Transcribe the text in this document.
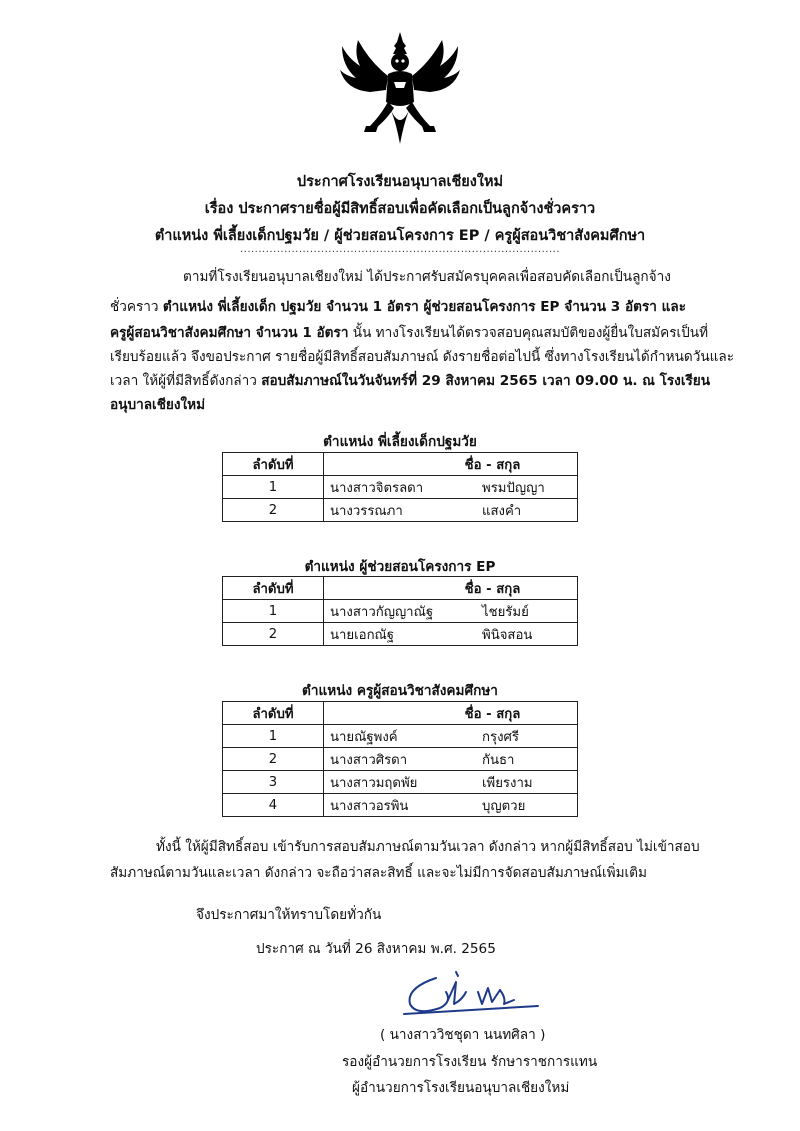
ประกาศโรงเรียนอนุบาลเชียงใหม่
เรื่อง ประกาศรายชื่อผู้มีสิทธิ์สอบเพื่อคัดเลือกเป็นลูกจ้างชั่วคราว
ตำแหน่ง พี่เลี้ยงเด็กปฐมวัย / ผู้ช่วยสอนโครงการ EP / ครูผู้สอนวิชาสังคมศึกษา
.......................................................................................
ตามที่โรงเรียนอนุบาลเชียงใหม่ ได้ประกาศรับสมัครบุคคลเพื่อสอบคัดเลือกเป็นลูกจ้าง
ชั่วคราว ตำแหน่ง พี่เลี้ยงเด็ก ปฐมวัย จำนวน 1 อัตรา ผู้ช่วยสอนโครงการ EP จำนวน 3 อัตรา และ
ครูผู้สอนวิชาสังคมศึกษา จำนวน 1 อัตรา นั้น ทางโรงเรียนได้ตรวจสอบคุณสมบัติของผู้ยื่นใบสมัครเป็นที่
เรียบร้อยแล้ว จึงขอประกาศ รายชื่อผู้มีสิทธิ์สอบสัมภาษณ์ ดังรายชื่อต่อไปนี้ ซึ่งทางโรงเรียนได้กำหนดวันและ
เวลา ให้ผู้ที่มีสิทธิ์ดังกล่าว สอบสัมภาษณ์ในวันจันทร์ที่ 29 สิงหาคม 2565 เวลา 09.00 น. ณ โรงเรียน
อนุบาลเชียงใหม่
ตำแหน่ง พี่เลี้ยงเด็กปฐมวัย
ลำดับที่	ชื่อ - สกุล	
1	นางสาวจิตรลดา	พรมปัญญา
2	นางวรรณภา	แสงคำ
ตำแหน่ง ผู้ช่วยสอนโครงการ EP
ลำดับที่	ชื่อ - สกุล	
1	นางสาวกัญญาณัฐ	ไชยรัมย์
2	นายเอกณัฐ	พินิจสอน
ตำแหน่ง ครูผู้สอนวิชาสังคมศึกษา
ลำดับที่	ชื่อ - สกุล	
1	นายณัฐพงค์	กรุงศรี
2	นางสาวศิรดา	กันธา
3	นางสาวมฤดพัย	เพียรงาม
4	นางสาวอรพิน	บุญตวย
ทั้งนี้ ให้ผู้มีสิทธิ์สอบ เข้ารับการสอบสัมภาษณ์ตามวันเวลา ดังกล่าว หากผู้มีสิทธิ์สอบ ไม่เข้าสอบ
สัมภาษณ์ตามวันและเวลา ดังกล่าว จะถือว่าสละสิทธิ์ และจะไม่มีการจัดสอบสัมภาษณ์เพิ่มเติม
จึงประกาศมาให้ทราบโดยทั่วกัน
ประกาศ ณ วันที่ 26 สิงหาคม พ.ศ. 2565
( นางสาววิชชุดา นนทศิลา )
รองผู้อำนวยการโรงเรียน รักษาราชการแทน
ผู้อำนวยการโรงเรียนอนุบาลเชียงใหม่
